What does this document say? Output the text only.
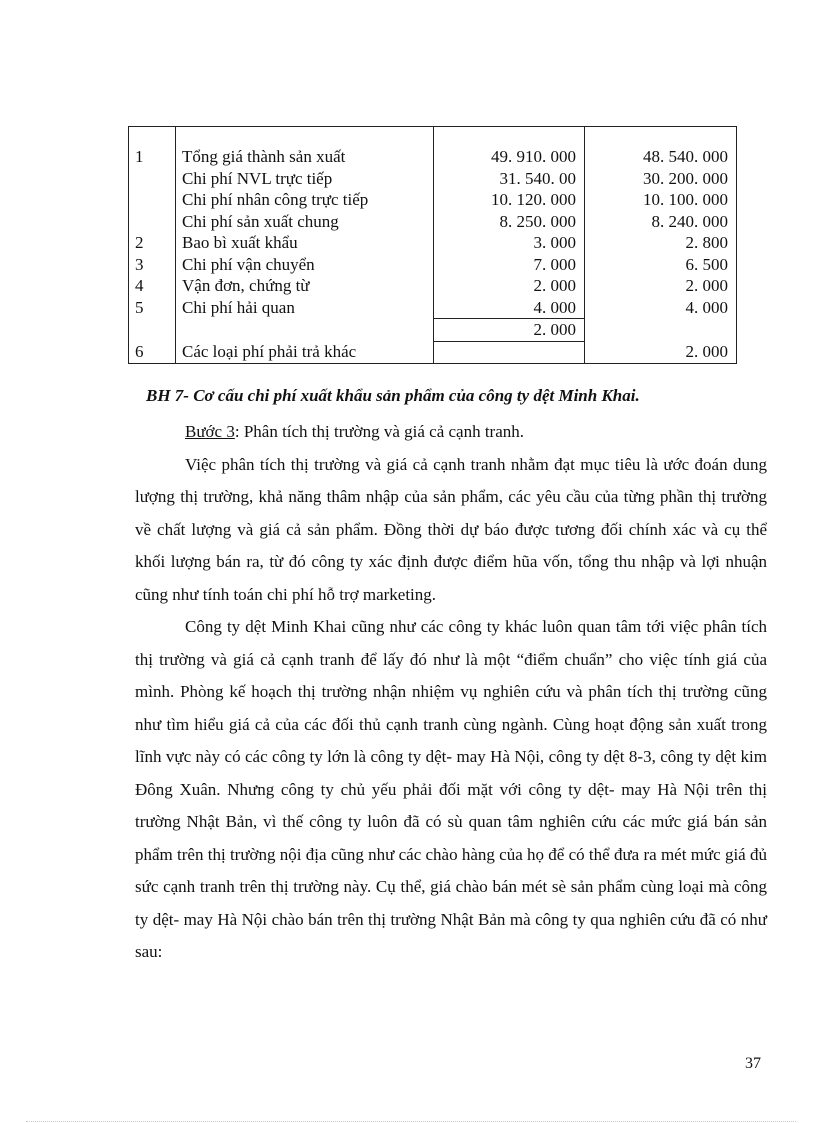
1	Tổng giá thành sản xuất	49. 910. 000	48. 540. 000
	Chi phí NVL trực tiếp	31. 540. 00	30. 200. 000
	Chi phí nhân công trực tiếp	10. 120. 000	10. 100. 000
	Chi phí sản xuất chung	8. 250. 000	8. 240. 000
2	Bao bì xuất khẩu	3. 000	2. 800
3	Chi phí vận chuyển	7. 000	6. 500
4	Vận đơn, chứng từ	2. 000	2. 000
5	Chi phí hải quan	4. 000	4. 000
		2. 000	
6	Các loại phí phải trả khác		2. 000
BH 7- Cơ cấu chi phí xuất khẩu sản phẩm của công ty dệt Minh Khai.

Bước 3: Phân tích thị trường và giá cả cạnh tranh.

Việc phân tích thị trường và giá cả cạnh tranh nhằm đạt mục tiêu là ước đoán dung lượng thị trường, khả năng thâm nhập của sản phẩm, các yêu cầu của từng phần thị trường về chất lượng và giá cả sản phẩm. Đồng thời dự báo được tương đối chính xác và cụ thể khối lượng bán ra, từ đó công ty xác định được điểm hũa vốn, tổng thu nhập và lợi nhuận cũng như tính toán chi phí hỗ trợ marketing.

Công ty dệt Minh Khai cũng như các công ty khác luôn quan tâm tới việc phân tích thị trường và giá cả cạnh tranh để lấy đó như là một “điểm chuẩn” cho việc tính giá của mình. Phòng kế hoạch thị trường nhận nhiệm vụ nghiên cứu và phân tích thị trường cũng như tìm hiểu giá cả của các đối thủ cạnh tranh cùng ngành. Cùng hoạt động sản xuất trong lĩnh vực này có các công ty lớn là công ty dệt- may Hà Nội, công ty dệt 8-3, công ty dệt kim Đông Xuân. Nhưng công ty chủ yếu phải đối mặt với công ty dệt- may Hà Nội trên thị trường Nhật Bản, vì thế công ty luôn đã có sù quan tâm nghiên cứu các mức giá bán sản phẩm trên thị trường nội địa cũng như các chào hàng của họ để có thể đưa ra mét mức giá đủ sức cạnh tranh trên thị trường này. Cụ thể, giá chào bán mét sè sản phẩm cùng loại mà công ty dệt- may Hà Nội chào bán trên thị trường Nhật Bản mà công ty qua nghiên cứu đã có như sau:

37
